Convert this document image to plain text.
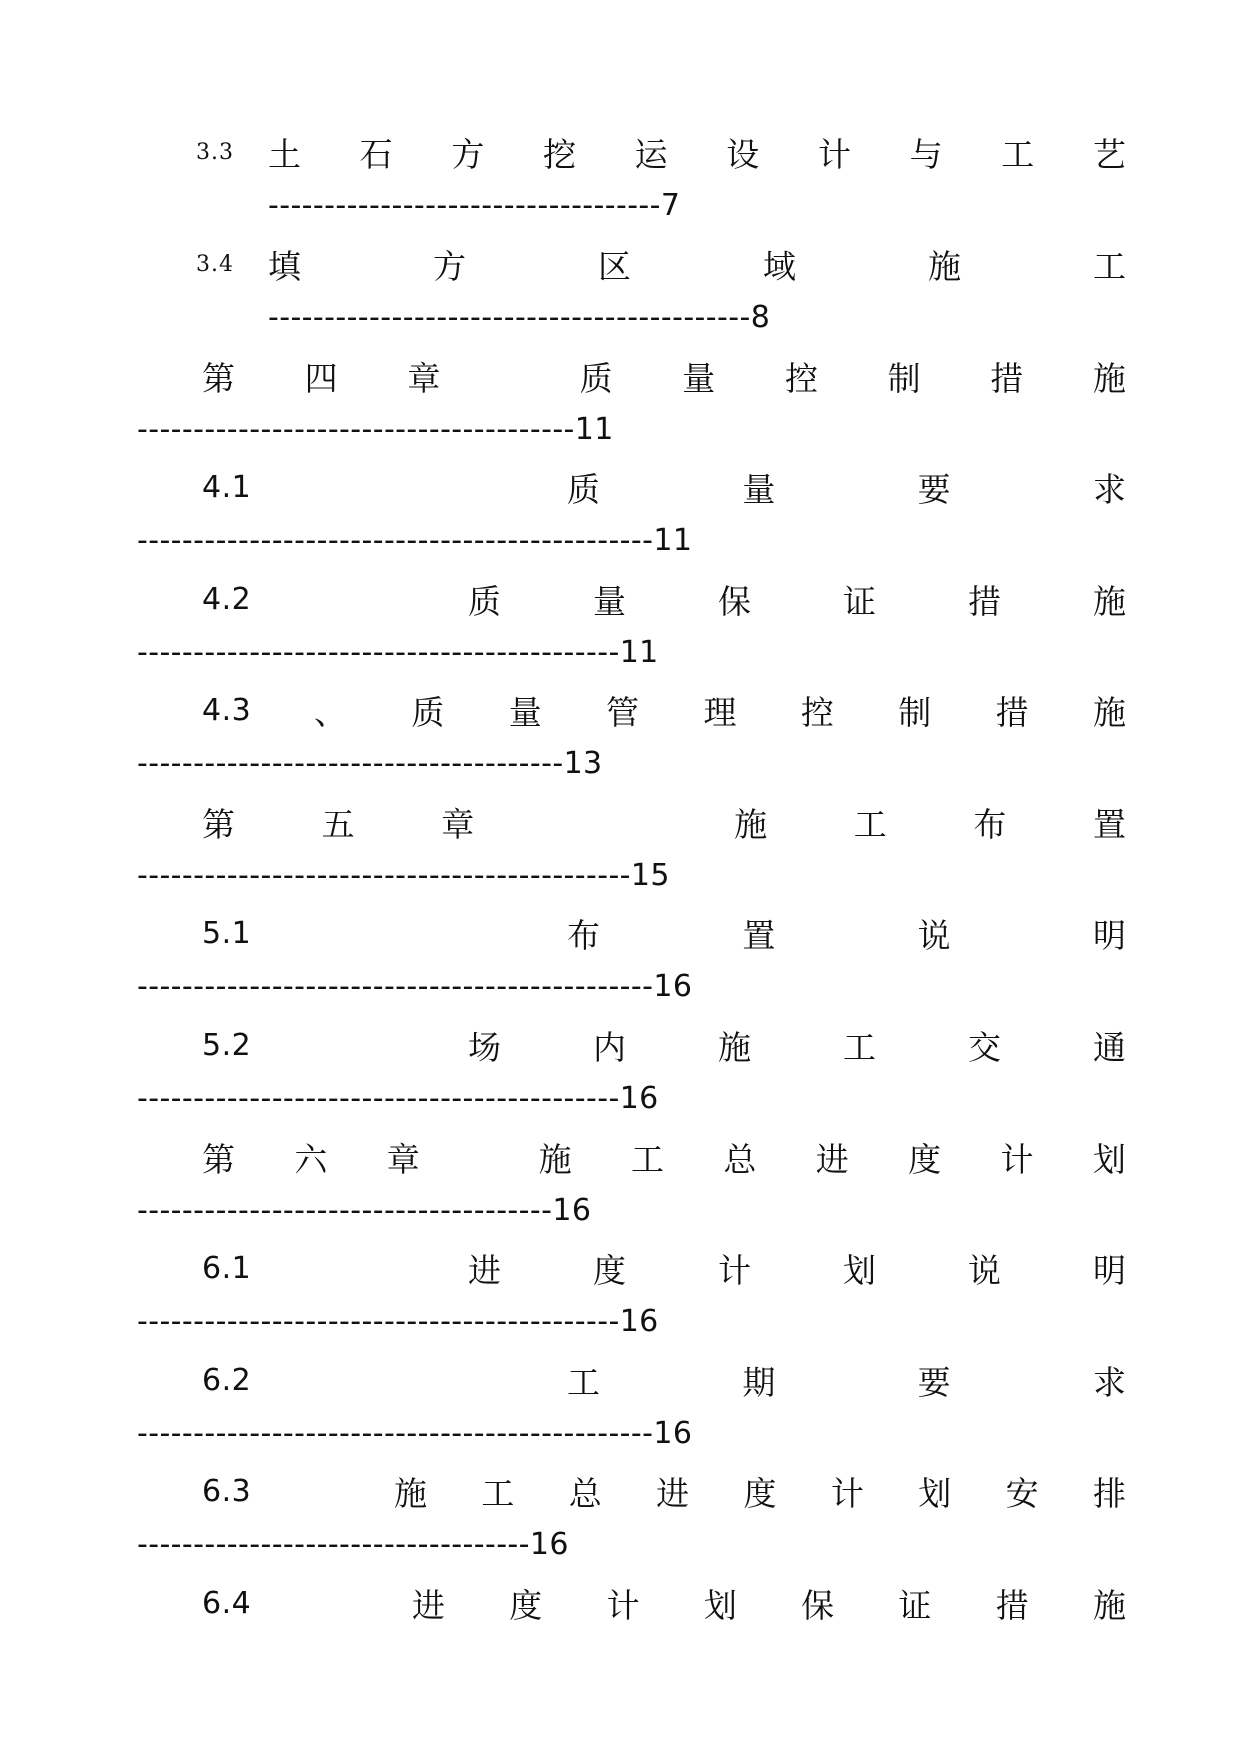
3.3	土 石 方 挖 运 设 计 与 工 艺
----------------------------------- 7
3.4	填	方	区	域	施	工
------------------------------------------- 8
第 四 章	质 量 控 制 措 施
--------------------------------------- 11
4.1	质	量	要	求
---------------------------------------------- 11
4.2	质	量	保	证	措	施
------------------------------------------- 11
4.3	、 质 量 管 理 控 制 措 施
-------------------------------------- 13
第	五	章	施	工	布	置
-------------------------------------------- 15
5.1	布	置	说	明
---------------------------------------------- 16
5.2	场	内	施	工	交	通
------------------------------------------- 16
第 六 章	施 工 总 进 度 计 划
------------------------------------- 16
6.1	进	度	计	划	说	明
------------------------------------------- 16
6.2	工	期	要	求
---------------------------------------------- 16
6.3	施 工 总 进 度 计 划 安 排
----------------------------------- 16
6.4	进 度 计 划 保 证 措 施
